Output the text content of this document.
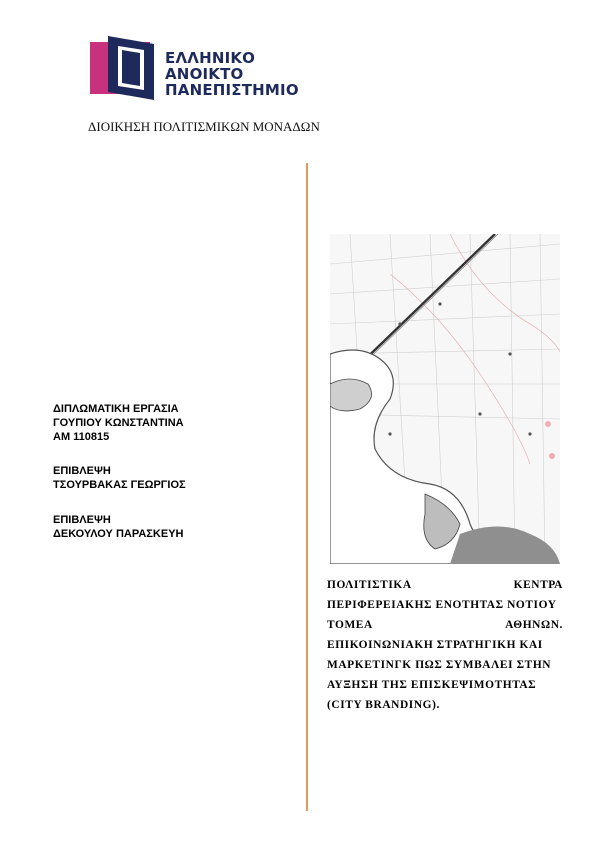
ΕΛΛΗΝΙΚΟ
ΑΝΟΙΚΤΟ
ΠΑΝΕΠΙΣΤΗΜΙΟ
ΔΙΟΙΚΗΣΗ ΠΟΛΙΤΙΣΜΙΚΩΝ ΜΟΝΑΔΩΝ
ΔΙΠΛΩΜΑΤΙΚΗ ΕΡΓΑΣΙΑ
ΓΟΥΠΙΟΥ ΚΩΝΣΤΑΝΤΙΝΑ
ΑΜ 110815
ΕΠΙΒΛΕΨΗ
ΤΣΟΥΡΒΑΚΑΣ ΓΕΩΡΓΙΟΣ
ΕΠΙΒΛΕΨΗ
ΔΕΚΟΥΛΟΥ ΠΑΡΑΣΚΕΥΗ
ΠΟΛΙΤΙΣΤΙΚΑ	ΚΕΝΤΡΑ
ΠΕΡΙΦΕΡΕΙΑΚΗΣ ΕΝΟΤΗΤΑΣ ΝΟΤΙΟΥ
ΤΟΜΕΑ	ΑΘΗΝΩΝ.
ΕΠΙΚΟΙΝΩΝΙΑΚΗ ΣΤΡΑΤΗΓΙΚΗ ΚΑΙ
ΜΑΡΚΕΤΙΝΓΚ ΠΩΣ ΣΥΜΒΑΛΕΙ ΣΤΗΝ
ΑΥΞΗΣΗ ΤΗΣ ΕΠΙΣΚΕΨΙΜΟΤΗΤΑΣ
(CITY BRANDING).
